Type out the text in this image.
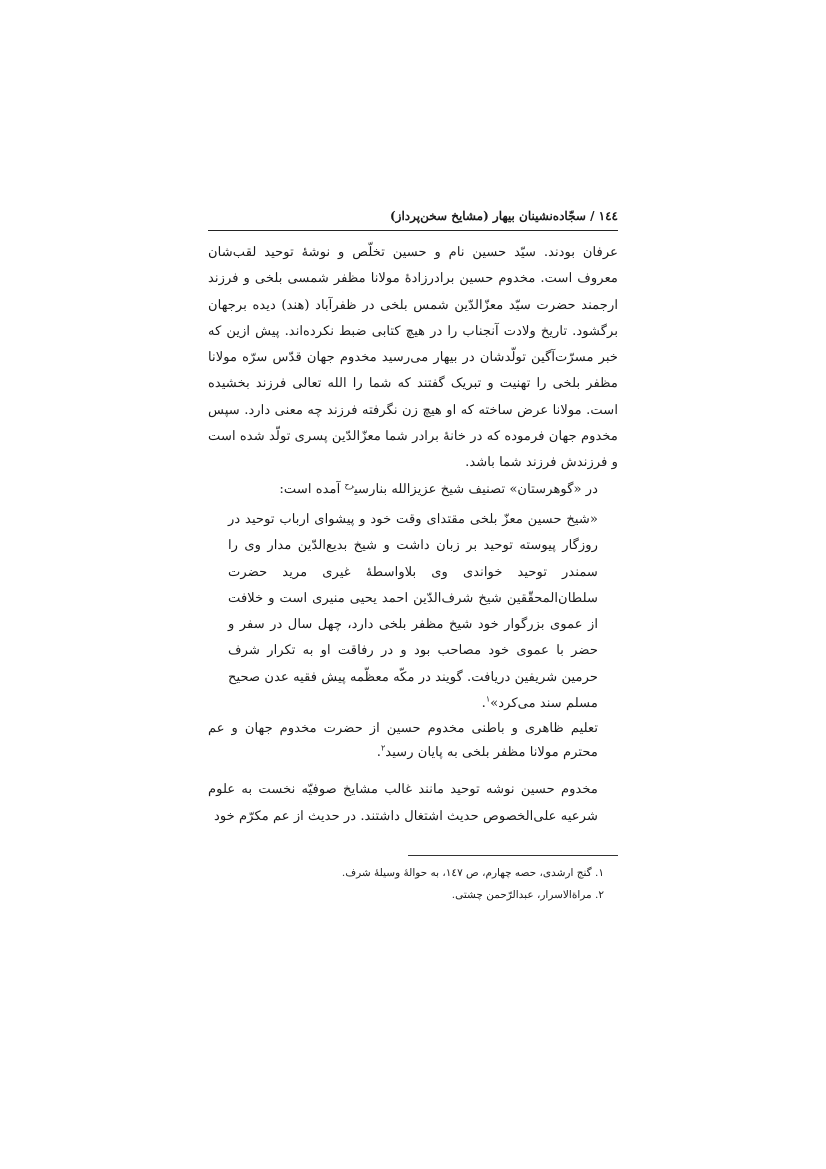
١٤٤ / سجّاده‌نشینان بیهار (مشایخ سخن‌پرداز)

عرفان بودند. سیّد حسین نام و حسین تخلّص و نوشهٔ توحید لقب‌شان معروف است. مخدوم حسین برادرزادهٔ مولانا مظفر شمسی بلخی و فرزند ارجمند حضرت سیّد معزّالدّین شمس بلخی در ظفرآباد (هند) دیده برجهان برگشود. تاریخ ولادت آنجناب را در هیچ کتابی ضبط نکرده‌اند. پیش ازین که خبر مسرّت‌آگین تولّدشان در بیهار می‌رسید مخدوم جهان قدّس سرّه مولانا مظفر بلخی را تهنیت و تبریک گفتند که شما را الله تعالی فرزند بخشیده است. مولانا عرض ساخته که او هیچ زن نگرفته فرزند چه معنی دارد. سپس مخدوم جهان فرموده که در خانهٔ برادر شما معزّالدّین پسری تولّد شده است و فرزندش فرزند شما باشد.

در «گوهرستان» تصنیف شیخ عزیزالله بنارسی$^{رح}$ آمده است:

«شیخ حسین معزّ بلخی مقتدای وقت خود و پیشوای ارباب توحید در روزگار پیوسته توحید بر زبان داشت و شیخ بدیع‌الدّین مدار وی را سمندر توحید خواندی وی بلاواسطهٔ غیری مرید حضرت سلطان‌المحقّقین شیخ شرف‌الدّین احمد یحیی منیری است و خلافت از عموی بزرگوار خود شیخ مظفر بلخی دارد، چهل سال در سفر و حضر با عموی خود مصاحب بود و در رفاقت او به تکرار شرف حرمین شریفین دریافت. گویند در مکّه معظّمه پیش فقیه عدن صحیح مسلم سند می‌کرد»$^١$.

تعلیم ظاهری و باطنی مخدوم حسین از حضرت مخدوم جهان و عم محترم مولانا مظفر بلخی به پایان رسید$^٢$.

مخدوم حسین نوشه توحید مانند غالب مشایخ صوفیّه نخست به علوم شرعیه علی‌الخصوص حدیث اشتغال داشتند. در حدیث از عم مکرّم خود

١. گنج ارشدی، حصه چهارم، ص ١٤٧، به حوالهٔ وسیلهٔ شرف.
٢. مراةالاسرار، عبدالرّحمن چشتی.
